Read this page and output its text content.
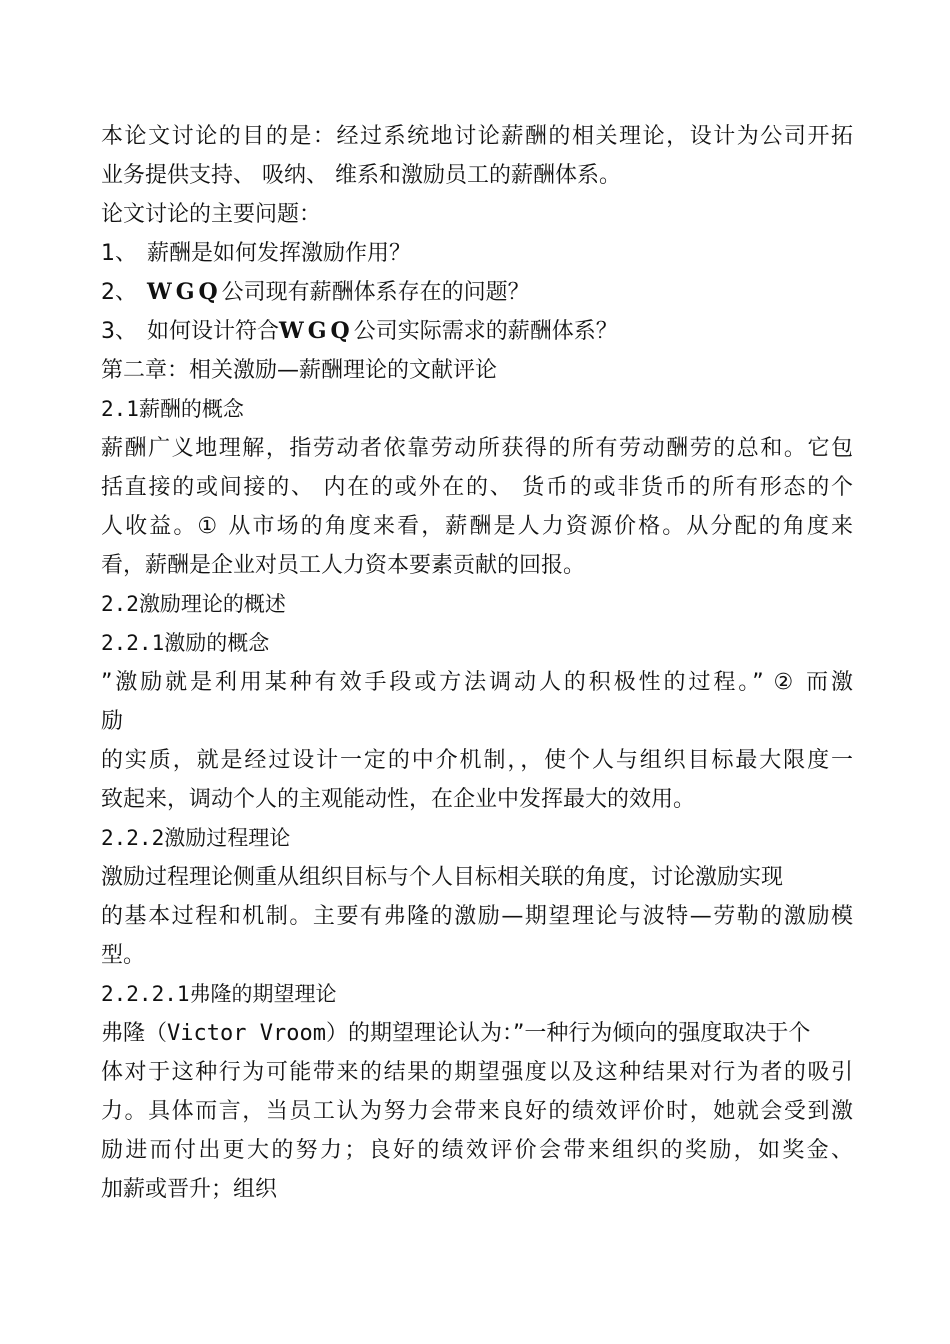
本论文讨论的目的是：经过系统地讨论薪酬的相关理论，设计为公司开拓
业务提供支持、 吸纳、 维系和激励员工的薪酬体系。
论文讨论的主要问题：
1、 薪酬是如何发挥激励作用？
2、 WGQ公司现有薪酬体系存在的问题？
3、 如何设计符合WGQ公司实际需求的薪酬体系？
第二章：相关激励—薪酬理论的文献评论
2.1薪酬的概念
薪酬广义地理解，指劳动者依靠劳动所获得的所有劳动酬劳的总和。它包
括直接的或间接的、 内在的或外在的、 货币的或非货币的所有形态的个
人收益。① 从市场的角度来看，薪酬是人力资源价格。从分配的角度来
看，薪酬是企业对员工人力资本要素贡献的回报。
2.2激励理论的概述
2.2.1激励的概念
”激励就是利用某种有效手段或方法调动人的积极性的过程。” ② 而激
励
的实质，就是经过设计一定的中介机制，，使个人与组织目标最大限度一
致起来，调动个人的主观能动性，在企业中发挥最大的效用。
2.2.2激励过程理论
激励过程理论侧重从组织目标与个人目标相关联的角度，讨论激励实现
的基本过程和机制。主要有弗隆的激励—期望理论与波特—劳勒的激励模
型。
2.2.2.1弗隆的期望理论
弗隆（Victor Vroom）的期望理论认为：”一种行为倾向的强度取决于个
体对于这种行为可能带来的结果的期望强度以及这种结果对行为者的吸引
力。具体而言，当员工认为努力会带来良好的绩效评价时，她就会受到激
励进而付出更大的努力；良好的绩效评价会带来组织的奖励，如奖金、
加薪或晋升；组织
